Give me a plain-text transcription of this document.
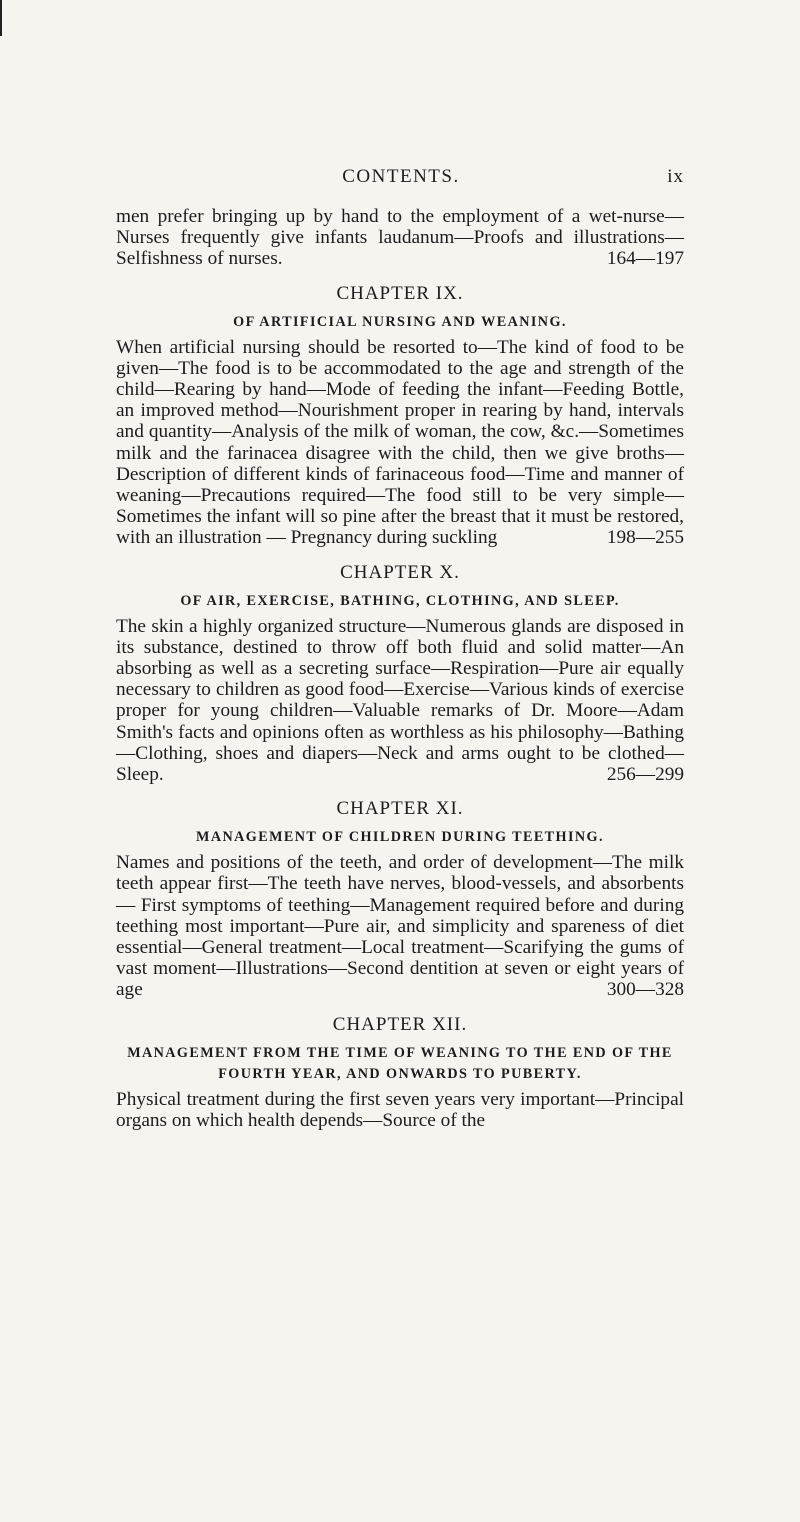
CONTENTS.	ix

men prefer bringing up by hand to the employment of a wet-nurse—Nurses frequently give infants laudanum—Proofs and illustrations—Selfishness of nurses.	164—197

CHAPTER IX.
OF ARTIFICIAL NURSING AND WEANING.

When artificial nursing should be resorted to—The kind of food to be given—The food is to be accommodated to the age and strength of the child—Rearing by hand—Mode of feeding the infant—Feeding Bottle, an improved method—Nourishment proper in rearing by hand, intervals and quantity—Analysis of the milk of woman, the cow, &c.—Sometimes milk and the farinacea disagree with the child, then we give broths—Description of different kinds of farinaceous food—Time and manner of weaning—Precautions required—The food still to be very simple—Sometimes the infant will so pine after the breast that it must be restored, with an illustration — Pregnancy during suckling	198—255

CHAPTER X.
OF AIR, EXERCISE, BATHING, CLOTHING, AND SLEEP.

The skin a highly organized structure—Numerous glands are disposed in its substance, destined to throw off both fluid and solid matter—An absorbing as well as a secreting surface—Respiration—Pure air equally necessary to children as good food—Exercise—Various kinds of exercise proper for young children—Valuable remarks of Dr. Moore—Adam Smith's facts and opinions often as worthless as his philosophy—Bathing—Clothing, shoes and diapers—Neck and arms ought to be clothed—Sleep.	256—299

CHAPTER XI.
MANAGEMENT OF CHILDREN DURING TEETHING.

Names and positions of the teeth, and order of development—The milk teeth appear first—The teeth have nerves, blood-vessels, and absorbents — First symptoms of teething—Management required before and during teething most important—Pure air, and simplicity and spareness of diet essential—General treatment—Local treatment—Scarifying the gums of vast moment—Illustrations—Second dentition at seven or eight years of age	300—328

CHAPTER XII.
MANAGEMENT FROM THE TIME OF WEANING TO THE END OF THE FOURTH YEAR, AND ONWARDS TO PUBERTY.

Physical treatment during the first seven years very important—Principal organs on which health depends—Source of the
